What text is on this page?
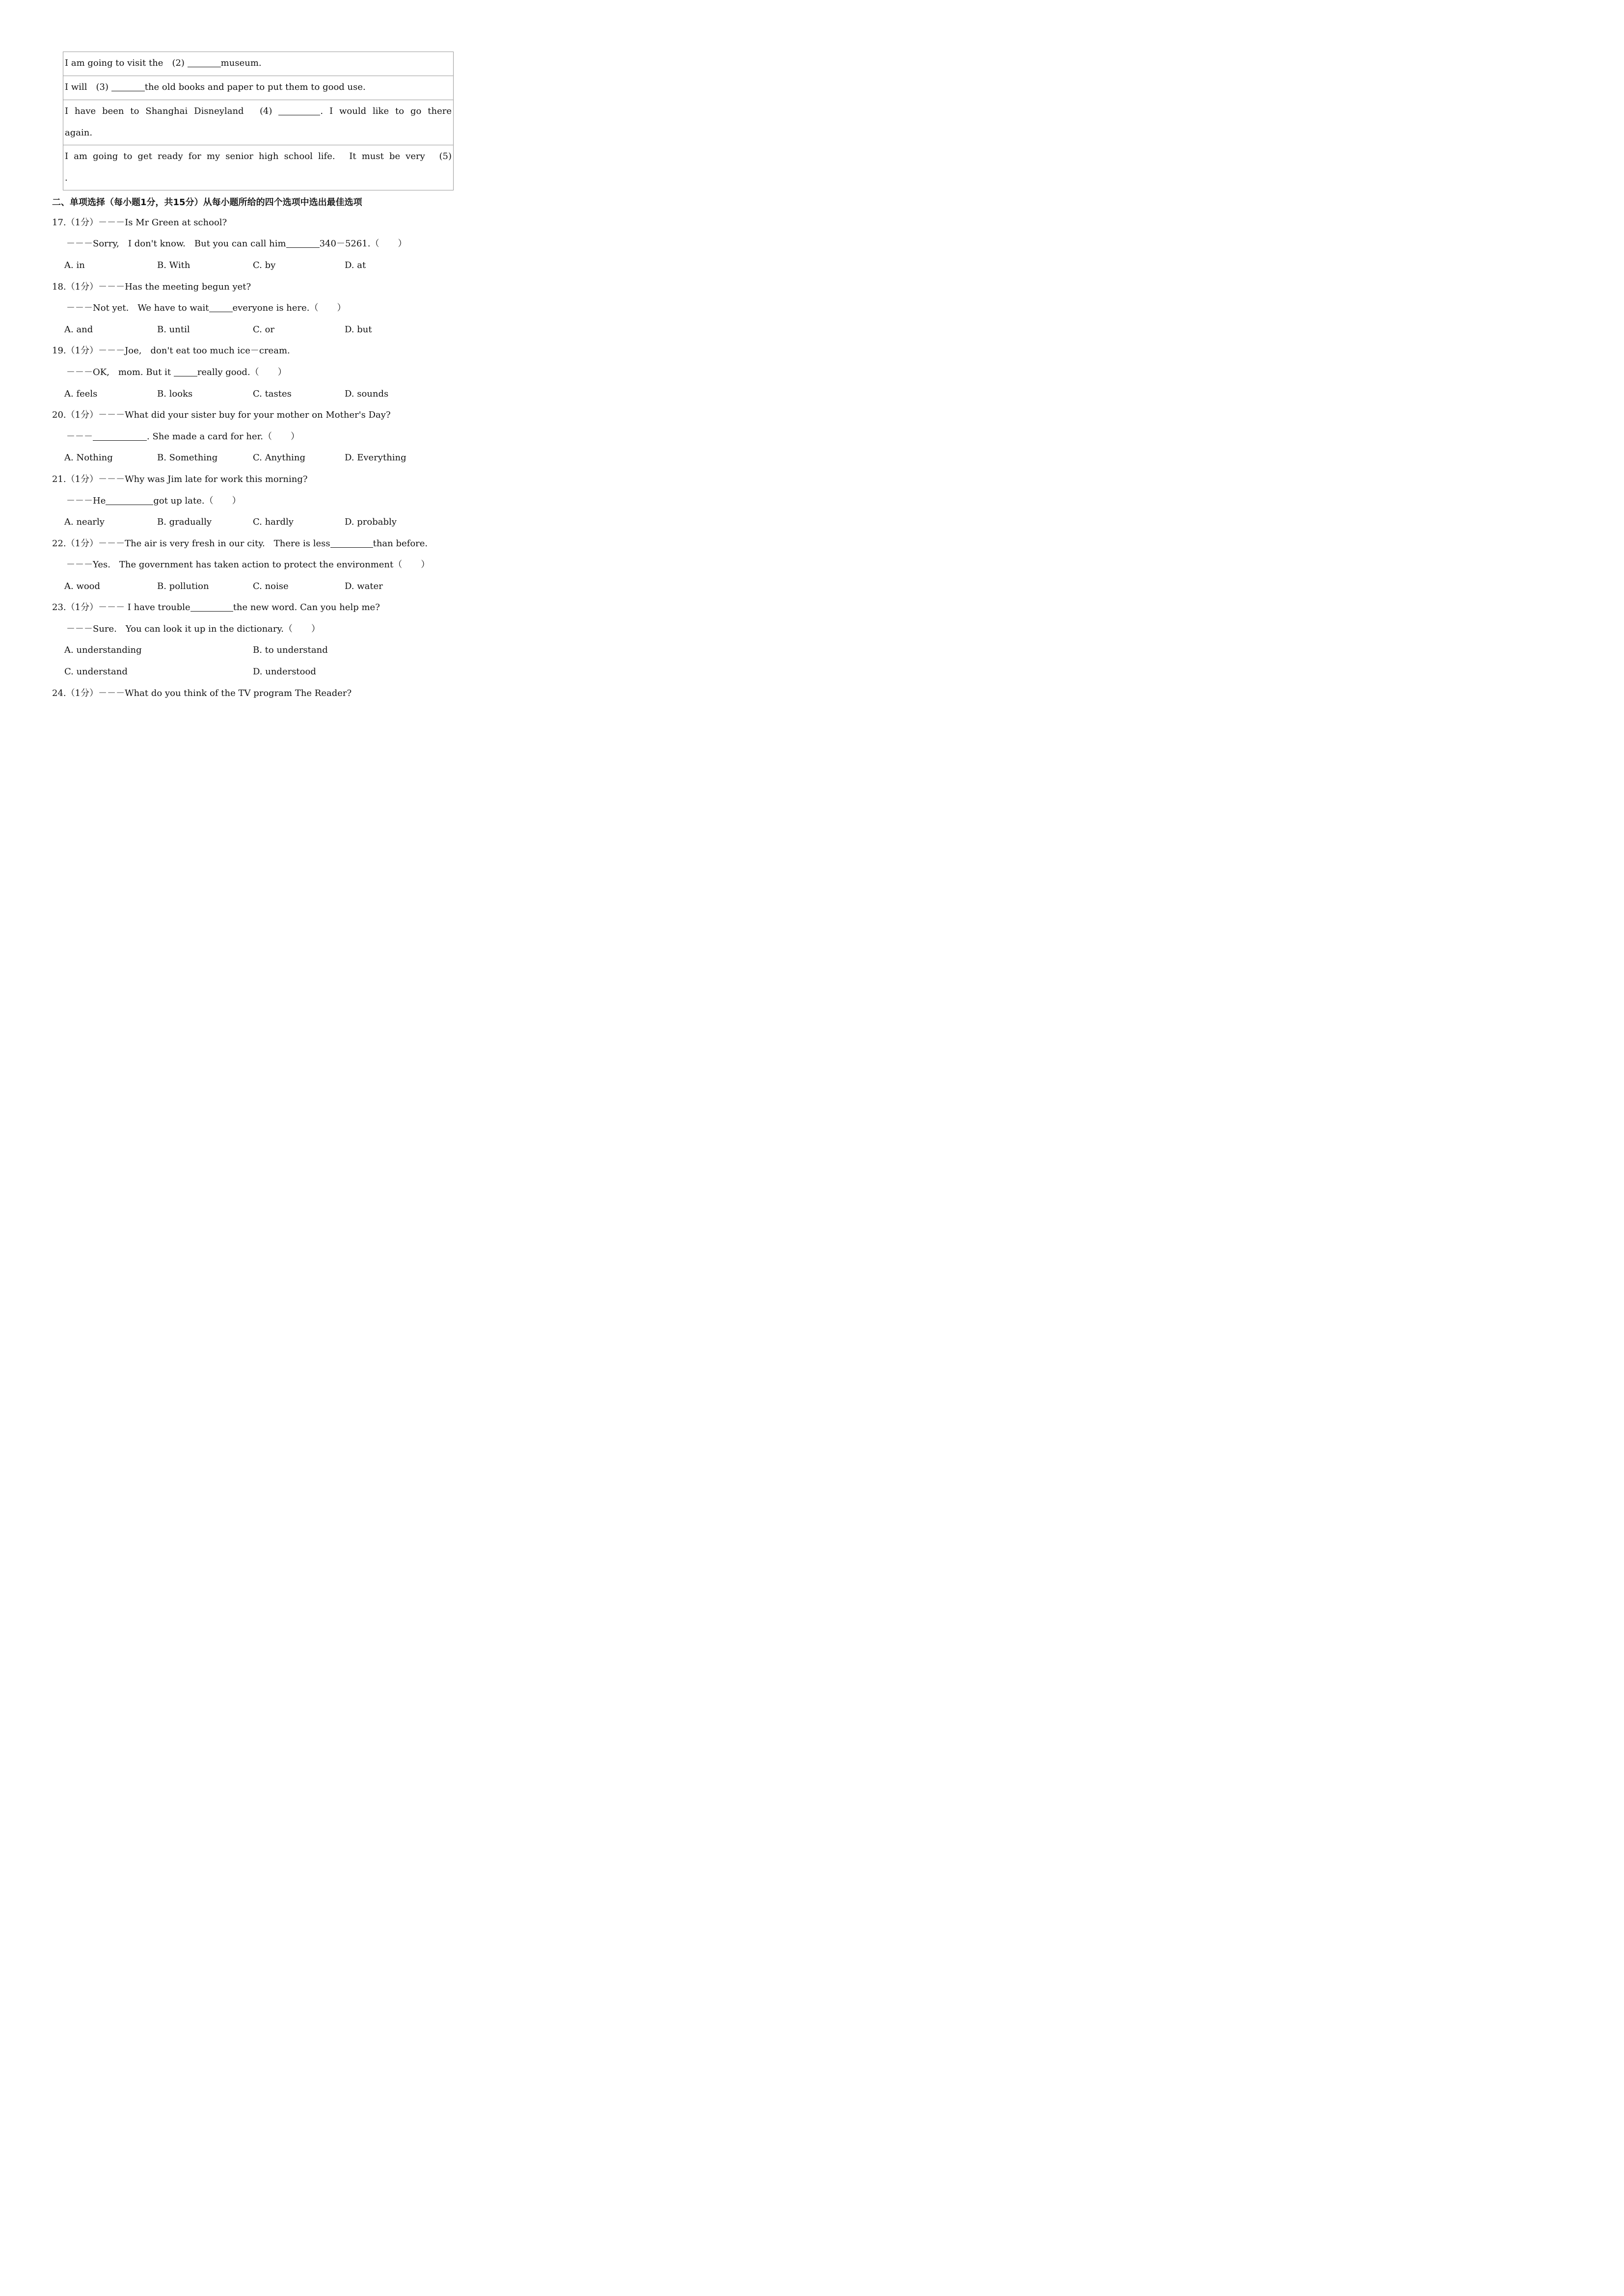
I am going to visit the　(2)	museum.

I will　(3)	the old books and paper to put them to good use.

I have been to Shanghai Disneyland　(4)	. I would like to go there
again.

I am going to get ready for my senior high school life.　It must be very　(5)
.
二、单项选择（每小题1分，共15分）从每小题所给的四个选项中选出最佳选项
17.（1分）－－－Is Mr Green at school?
－－－Sorry,　I don't know.　But you can call him	340－5261.（ ）
A. in	B. With	C. by	D. at
18.（1分）－－－Has the meeting begun yet?
－－－Not yet.　We have to wait	everyone is here.（ ）
A. and	B. until	C. or	D. but
19.（1分）－－－Joe,　don't eat too much ice－cream.
－－－OK,　mom. But it	really good.（ ）
A. feels	B. looks	C. tastes	D. sounds
20.（1分）－－－What did your sister buy for your mother on Mother's Day?
－－－	. She made a card for her.（ ）
A. Nothing	B. Something	C. Anything	D. Everything
21.（1分）－－－Why was Jim late for work this morning?
－－－He	got up late.（ ）
A. nearly	B. gradually	C. hardly	D. probably
22.（1分）－－－The air is very fresh in our city.　There is less	than before.
－－－Yes.　The government has taken action to protect the environment（ ）
A. wood	B. pollution	C. noise	D. water
23.（1分）－－－ I have trouble	the new word. Can you help me?
－－－Sure.　You can look it up in the dictionary.（ ）
A. understanding	B. to understand
C. understand	D. understood
24.（1分）－－－What do you think of the TV program The Reader?
